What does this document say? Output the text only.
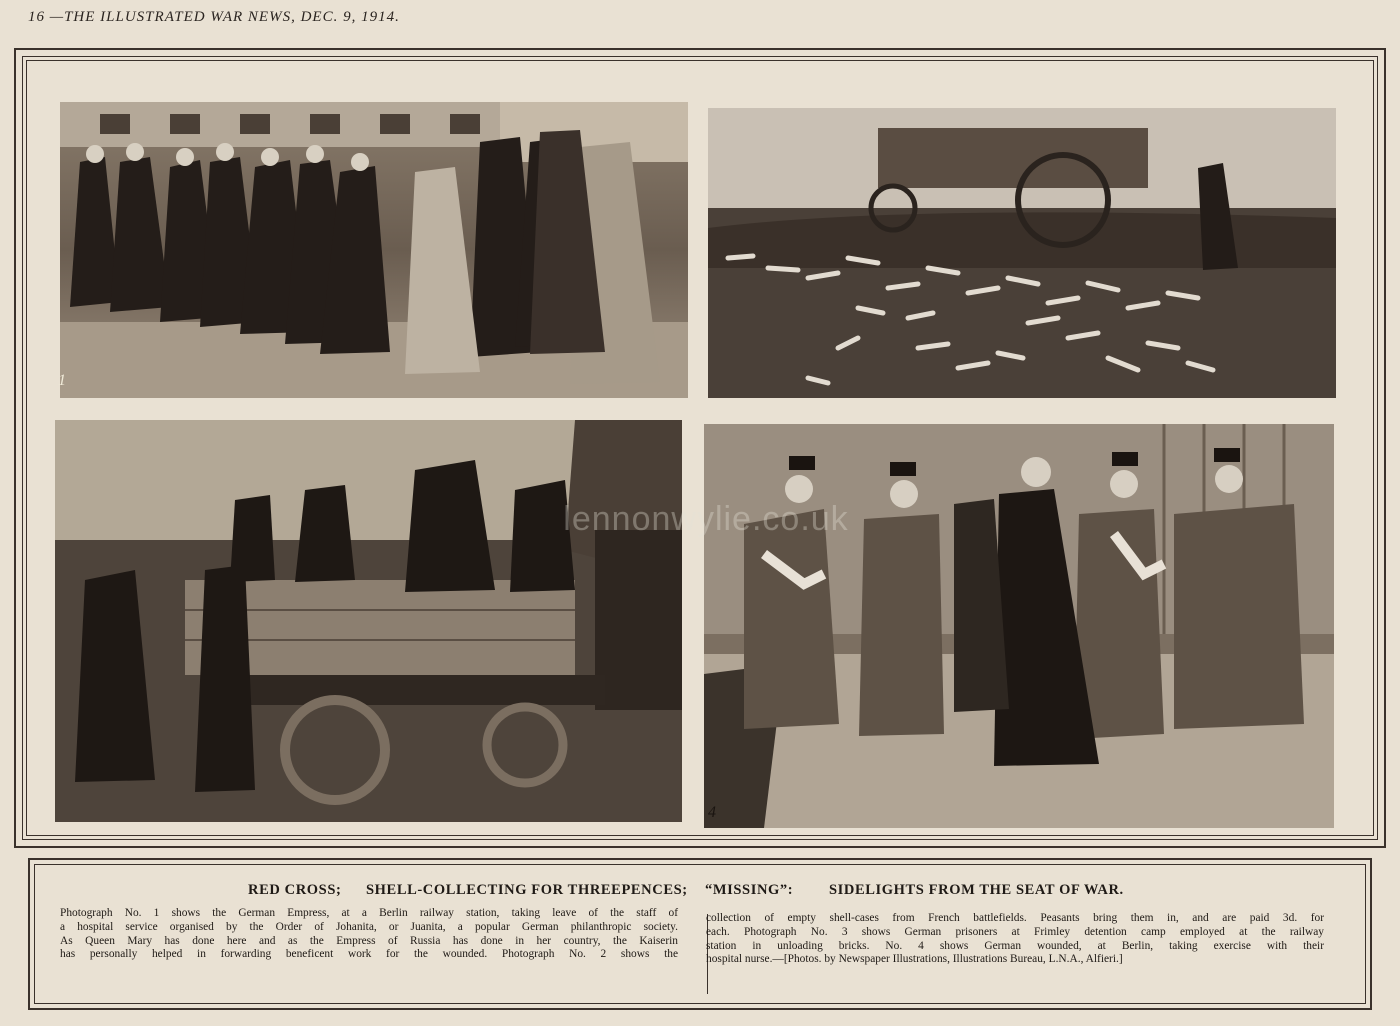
16 —THE ILLUSTRATED WAR NEWS, DEC. 9, 1914.
1
4
lennonwylie.co.uk
RED CROSS; SHELL-COLLECTING FOR THREEPENCES; “MISSING”: SIDELIGHTS FROM THE SEAT OF WAR.

Photograph No. 1 shows the German Empress, at a Berlin railway station, taking leave of the staff of

a hospital service organised by the Order of Johanita, or Juanita, a popular German philanthropic society.

As Queen Mary has done here and as the Empress of Russia has done in her country, the Kaiserin

has personally helped in forwarding beneficent work for the wounded. Photograph No. 2 shows the

collection of empty shell-cases from French battlefields. Peasants bring them in, and are paid 3d. for

each. Photograph No. 3 shows German prisoners at Frimley detention camp employed at the railway

station in unloading bricks. No. 4 shows German wounded, at Berlin, taking exercise with their

hospital nurse.—[Photos. by Newspaper Illustrations, Illustrations Bureau, L.N.A., Alfieri.]
